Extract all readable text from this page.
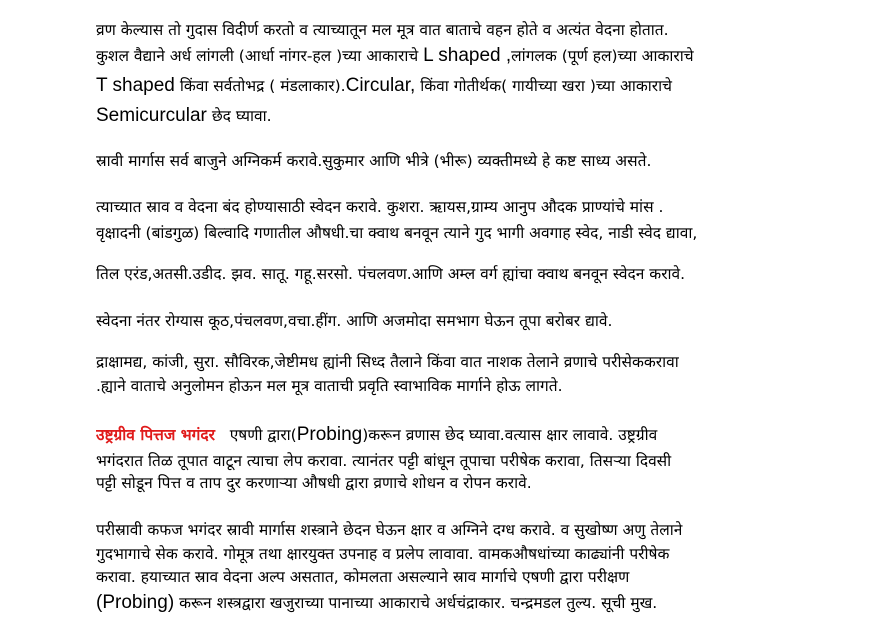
व्रण केल्यास तो गुदास विदीर्ण करतो व त्याच्यातून मल मूत्र वात बाताचे वहन होते व अत्यंत वेदना होतात.
कुशल वैद्याने अर्ध लांगली (आर्धा नांगर-हल )च्या आकाराचे L shaped ,लांगलक (पूर्ण हल)च्या आकाराचे
T shaped किंवा सर्वतोभद्र ( मंडलाकार).Circular, किंवा गोतीर्थक( गायीच्या खरा )च्या आकाराचे
Semicurcular छेद घ्यावा.
स्रावी मार्गास सर्व बाजुने अग्निकर्म करावे.सुकुमार आणि भीत्रे (भीरू) व्यक्तीमध्ये हे कष्ट साध्य असते.
त्याच्यात स्राव व वेदना बंद होण्यासाठी स्वेदन करावे. कुशरा. ऋायस,ग्राम्य आनुप औदक प्राण्यांचे मांस .
वृक्षादनी (बांडगुळ) बिल्वादि गणातील औषधी.चा क्वाथ बनवून त्याने गुद भागी अवगाह स्वेद, नाडी स्वेद द्यावा,
तिल एरंड,अतसी.उडीद. झव. सातू. गहू.सरसो. पंचलवण.आणि अम्ल वर्ग ह्यांचा क्वाथ बनवून स्वेदन करावे.
स्वेदना नंतर रोग्यास कूठ,पंचलवण,वचा.हींग. आणि अजमोदा समभाग घेऊन तूपा बरोबर द्यावे.
द्राक्षामद्य, कांजी, सुरा. सौविरक,जेष्टीमध ह्यांनी सिध्द तैलाने किंवा वात नाशक तेलाने व्रणाचे परीसेककरावा
.ह्याने वाताचे अनुलोमन होऊन मल मूत्र वाताची प्रवृति स्वाभाविक मार्गाने होऊ लागते.
उष्ट्रग्रीव पित्तज भगंदर एषणी द्वारा(Probing)करून व्रणास छेद घ्यावा.वत्यास क्षार लावावे. उष्ट्रग्रीव
भगंदरात तिळ तूपात वाटून त्याचा लेप करावा. त्यानंतर पट्टी बांधून तूपाचा परीषेक करावा, तिसऱ्या दिवसी
पट्टी सोडून पित्त व ताप दुर करणाऱ्या औषधी द्वारा व्रणाचे शोधन व रोपन करावे.
परीस्रावी कफज भगंदर स्रावी मार्गास शस्त्राने छेदन घेऊन क्षार व अग्निने दग्ध करावे. व सुखोष्ण अणु तेलाने
गुदभागाचे सेक करावे. गोमूत्र तथा क्षारयुक्त उपनाह व प्रलेप लावावा. वामकऔषधांच्या काढ्यांनी परीषेक
करावा. हयाच्यात स्राव वेदना अल्प असतात, कोमलता असल्याने स्राव मार्गाचे एषणी द्वारा परीक्षण
(Probing) करून शस्त्रद्वारा खजुराच्या पानाच्या आकाराचे अर्धचंद्राकार. चन्द्रमडल तुल्य. सूची मुख.
